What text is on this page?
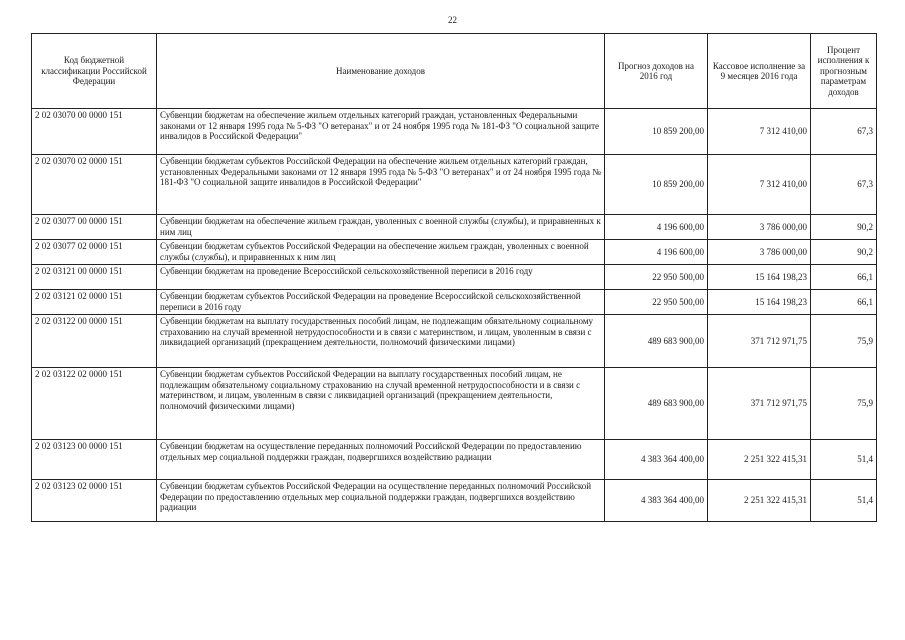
22
Код бюджетной классификации Российской Федерации	Наименование доходов	Прогноз доходов на 2016 год	Кассовое исполнение за 9 месяцев 2016 года	Процент исполнения к прогнозным параметрам доходов
2 02 03070 00 0000 151	Субвенции бюджетам на обеспечение жильем отдельных категорий граждан, установленных Федеральными законами от 12 января 1995 года № 5-ФЗ "О ветеранах" и от 24 ноября 1995 года № 181-ФЗ "О социальной защите инвалидов в Российской Федерации"	10 859 200,00	7 312 410,00	67,3
2 02 03070 02 0000 151	Субвенции бюджетам субъектов Российской Федерации на обеспечение жильем отдельных категорий граждан, установленных Федеральными законами от 12 января 1995 года № 5-ФЗ "О ветеранах" и от 24 ноября 1995 года № 181-ФЗ "О социальной защите инвалидов в Российской Федерации"	10 859 200,00	7 312 410,00	67,3
2 02 03077 00 0000 151	Субвенции бюджетам на обеспечение жильем граждан, уволенных с военной службы (службы), и приравненных к ним лиц	4 196 600,00	3 786 000,00	90,2
2 02 03077 02 0000 151	Субвенции бюджетам субъектов Российской Федерации на обеспечение жильем граждан, уволенных с военной службы (службы), и приравненных к ним лиц	4 196 600,00	3 786 000,00	90,2
2 02 03121 00 0000 151	Субвенции бюджетам на проведение Всероссийской сельскохозяйственной переписи в 2016 году	22 950 500,00	15 164 198,23	66,1
2 02 03121 02 0000 151	Субвенции бюджетам субъектов Российской Федерации на проведение Всероссийской сельскохозяйственной переписи в 2016 году	22 950 500,00	15 164 198,23	66,1
2 02 03122 00 0000 151	Субвенции бюджетам на выплату государственных пособий лицам, не подлежащим обязательному социальному страхованию на случай временной нетрудоспособности и в связи с материнством, и лицам, уволенным в связи с ликвидацией организаций (прекращением деятельности, полномочий физическими лицами)	489 683 900,00	371 712 971,75	75,9
2 02 03122 02 0000 151	Субвенции бюджетам субъектов Российской Федерации на выплату государственных пособий лицам, не подлежащим обязательному социальному страхованию на случай временной нетрудоспособности и в связи с материнством, и лицам, уволенным в связи с ликвидацией организаций (прекращением деятельности, полномочий физическими лицами)	489 683 900,00	371 712 971,75	75,9
2 02 03123 00 0000 151	Субвенции бюджетам на осуществление переданных полномочий Российской Федерации по предоставлению отдельных мер социальной поддержки граждан, подвергшихся воздействию радиации	4 383 364 400,00	2 251 322 415,31	51,4
2 02 03123 02 0000 151	Субвенции бюджетам субъектов Российской Федерации на осуществление переданных полномочий Российской Федерации по предоставлению отдельных мер социальной поддержки граждан, подвергшихся воздействию радиации	4 383 364 400,00	2 251 322 415,31	51,4
